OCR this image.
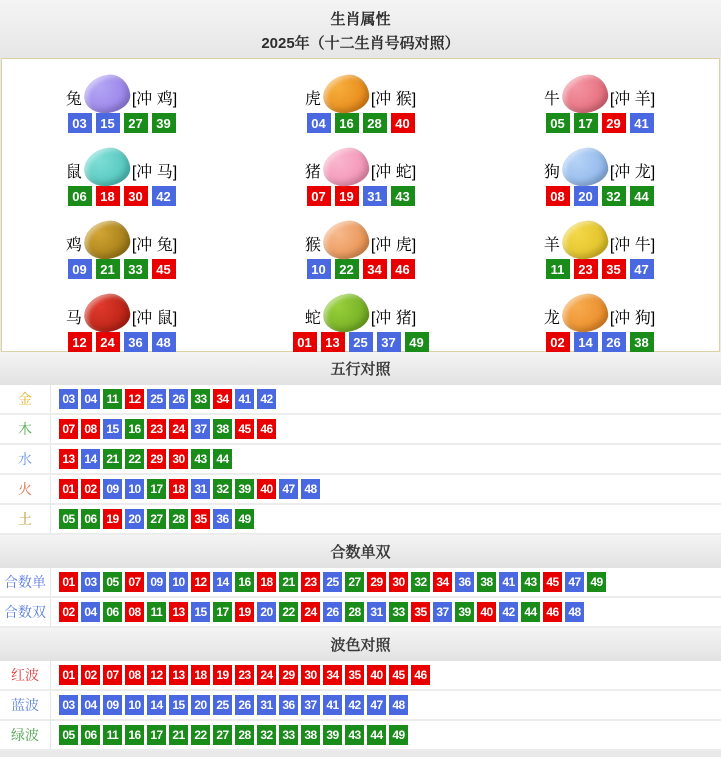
生肖属性
2025年（十二生肖号码对照）
兔	[冲 鸡]
03	15	27	39
虎	[冲 猴]
04	16	28	40
牛	[冲 羊]
05	17	29	41
鼠	[冲 马]
06	18	30	42
猪	[冲 蛇]
07	19	31	43
狗	[冲 龙]
08	20	32	44
鸡	[冲 兔]
09	21	33	45
猴	[冲 虎]
10	22	34	46
羊	[冲 牛]
11	23	35	47
马	[冲 鼠]
12	24	36	48
蛇	[冲 猪]
01	13	25	37	49
龙	[冲 狗]
02	14	26	38
五行对照
金	03 04 11 12 25 26 33 34 41 42
木	07 08 15 16 23 24 37 38 45 46
水	13 14 21 22 29 30 43 44
火	01 02 09 10 17 18 31 32 39 40 47 48
土	05 06 19 20 27 28 35 36 49
合数单双
合数单	01 03 05 07 09 10 12 14 16 18 21 23 25 27 29 30 32 34 36 38 41 43 45 47 49
合数双	02 04 06 08 11 13 15 17 19 20 22 24 26 28 31 33 35 37 39 40 42 44 46 48
波色对照
红波	01 02 07 08 12 13 18 19 23 24 29 30 34 35 40 45 46
蓝波	03 04 09 10 14 15 20 25 26 31 36 37 41 42 47 48
绿波	05 06 11 16 17 21 22 27 28 32 33 38 39 43 44 49
